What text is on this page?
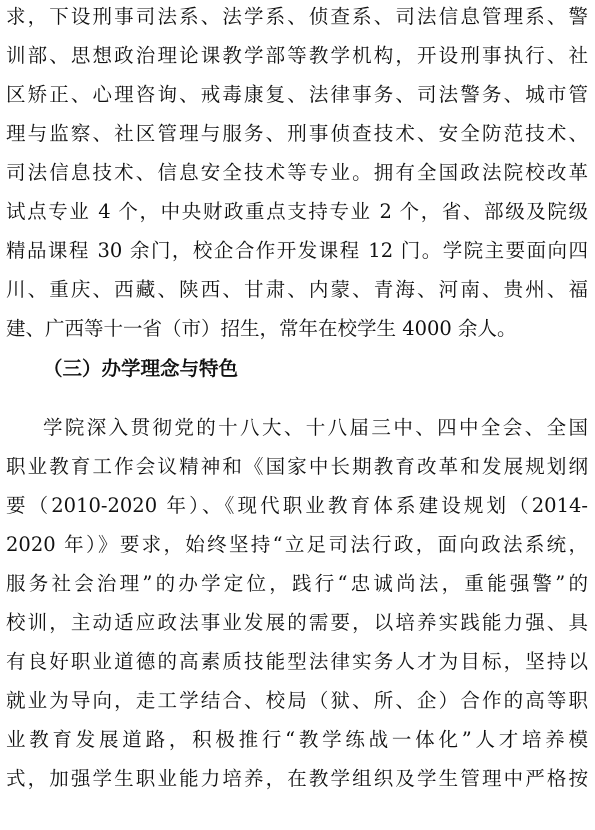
求，下设刑事司法系、法学系、侦查系、司法信息管理系、警
训部、思想政治理论课教学部等教学机构，开设刑事执行、社
区矫正、心理咨询、戒毒康复、法律事务、司法警务、城市管
理与监察、社区管理与服务、刑事侦查技术、安全防范技术、
司法信息技术、信息安全技术等专业。拥有全国政法院校改革
试点专业 4 个，中央财政重点支持专业 2 个，省、部级及院级
精品课程 30 余门，校企合作开发课程 12 门。学院主要面向四
川、重庆、西藏、陕西、甘肃、内蒙、青海、河南、贵州、福
建、广西等十一省（市）招生，常年在校学生 4000 余人。
（三）办学理念与特色
学院深入贯彻党的十八大、十八届三中、四中全会、全国
职业教育工作会议精神和《国家中长期教育改革和发展规划纲
要（2010-2020 年）、《现代职业教育体系建设规划（2014-
2020 年）》要求，始终坚持“立足司法行政，面向政法系统，
服务社会治理”的办学定位，践行“忠诚尚法，重能强警”的
校训，主动适应政法事业发展的需要，以培养实践能力强、具
有良好职业道德的高素质技能型法律实务人才为目标，坚持以
就业为导向，走工学结合、校局（狱、所、企）合作的高等职
业教育发展道路，积极推行“教学练战一体化”人才培养模
式，加强学生职业能力培养，在教学组织及学生管理中严格按
